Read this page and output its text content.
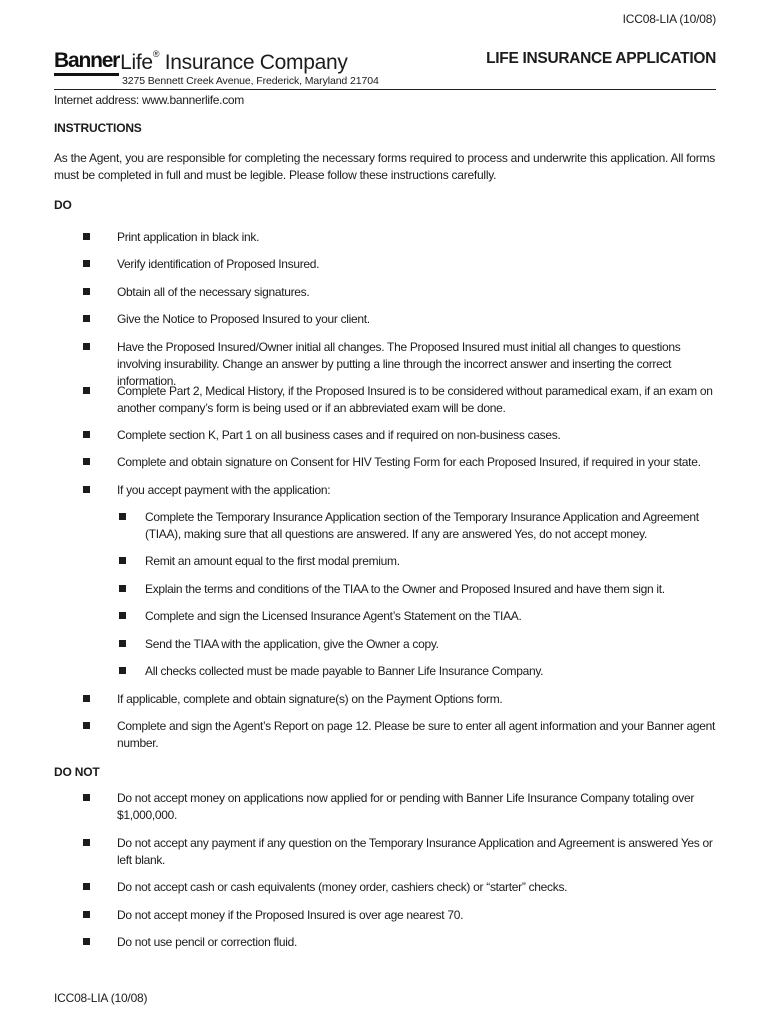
ICC08-LIA (10/08)
Banner Life® Insurance Company	LIFE INSURANCE APPLICATION
3275 Bennett Creek Avenue, Frederick, Maryland 21704
Internet address: www.bannerlife.com
INSTRUCTIONS
As the Agent, you are responsible for completing the necessary forms required to process and underwrite this application. All forms must be completed in full and must be legible. Please follow these instructions carefully.
DO
Print application in black ink.
Verify identification of Proposed Insured.
Obtain all of the necessary signatures.
Give the Notice to Proposed Insured to your client.
Have the Proposed Insured/Owner initial all changes. The Proposed Insured must initial all changes to questions involving insurability. Change an answer by putting a line through the incorrect answer and inserting the correct information.
Complete Part 2, Medical History, if the Proposed Insured is to be considered without paramedical exam, if an exam on another company’s form is being used or if an abbreviated exam will be done.
Complete section K, Part 1 on all business cases and if required on non-business cases.
Complete and obtain signature on Consent for HIV Testing Form for each Proposed Insured, if required in your state.
If you accept payment with the application:
Complete the Temporary Insurance Application section of the Temporary Insurance Application and Agreement (TIAA), making sure that all questions are answered. If any are answered Yes, do not accept money.
Remit an amount equal to the first modal premium.
Explain the terms and conditions of the TIAA to the Owner and Proposed Insured and have them sign it.
Complete and sign the Licensed Insurance Agent’s Statement on the TIAA.
Send the TIAA with the application, give the Owner a copy.
All checks collected must be made payable to Banner Life Insurance Company.
If applicable, complete and obtain signature(s) on the Payment Options form.
Complete and sign the Agent’s Report on page 12. Please be sure to enter all agent information and your Banner agent number.
DO NOT
Do not accept money on applications now applied for or pending with Banner Life Insurance Company totaling over $1,000,000.
Do not accept any payment if any question on the Temporary Insurance Application and Agreement is answered Yes or left blank.
Do not accept cash or cash equivalents (money order, cashiers check) or “starter” checks.
Do not accept money if the Proposed Insured is over age nearest 70.
Do not use pencil or correction fluid.
ICC08-LIA (10/08)
